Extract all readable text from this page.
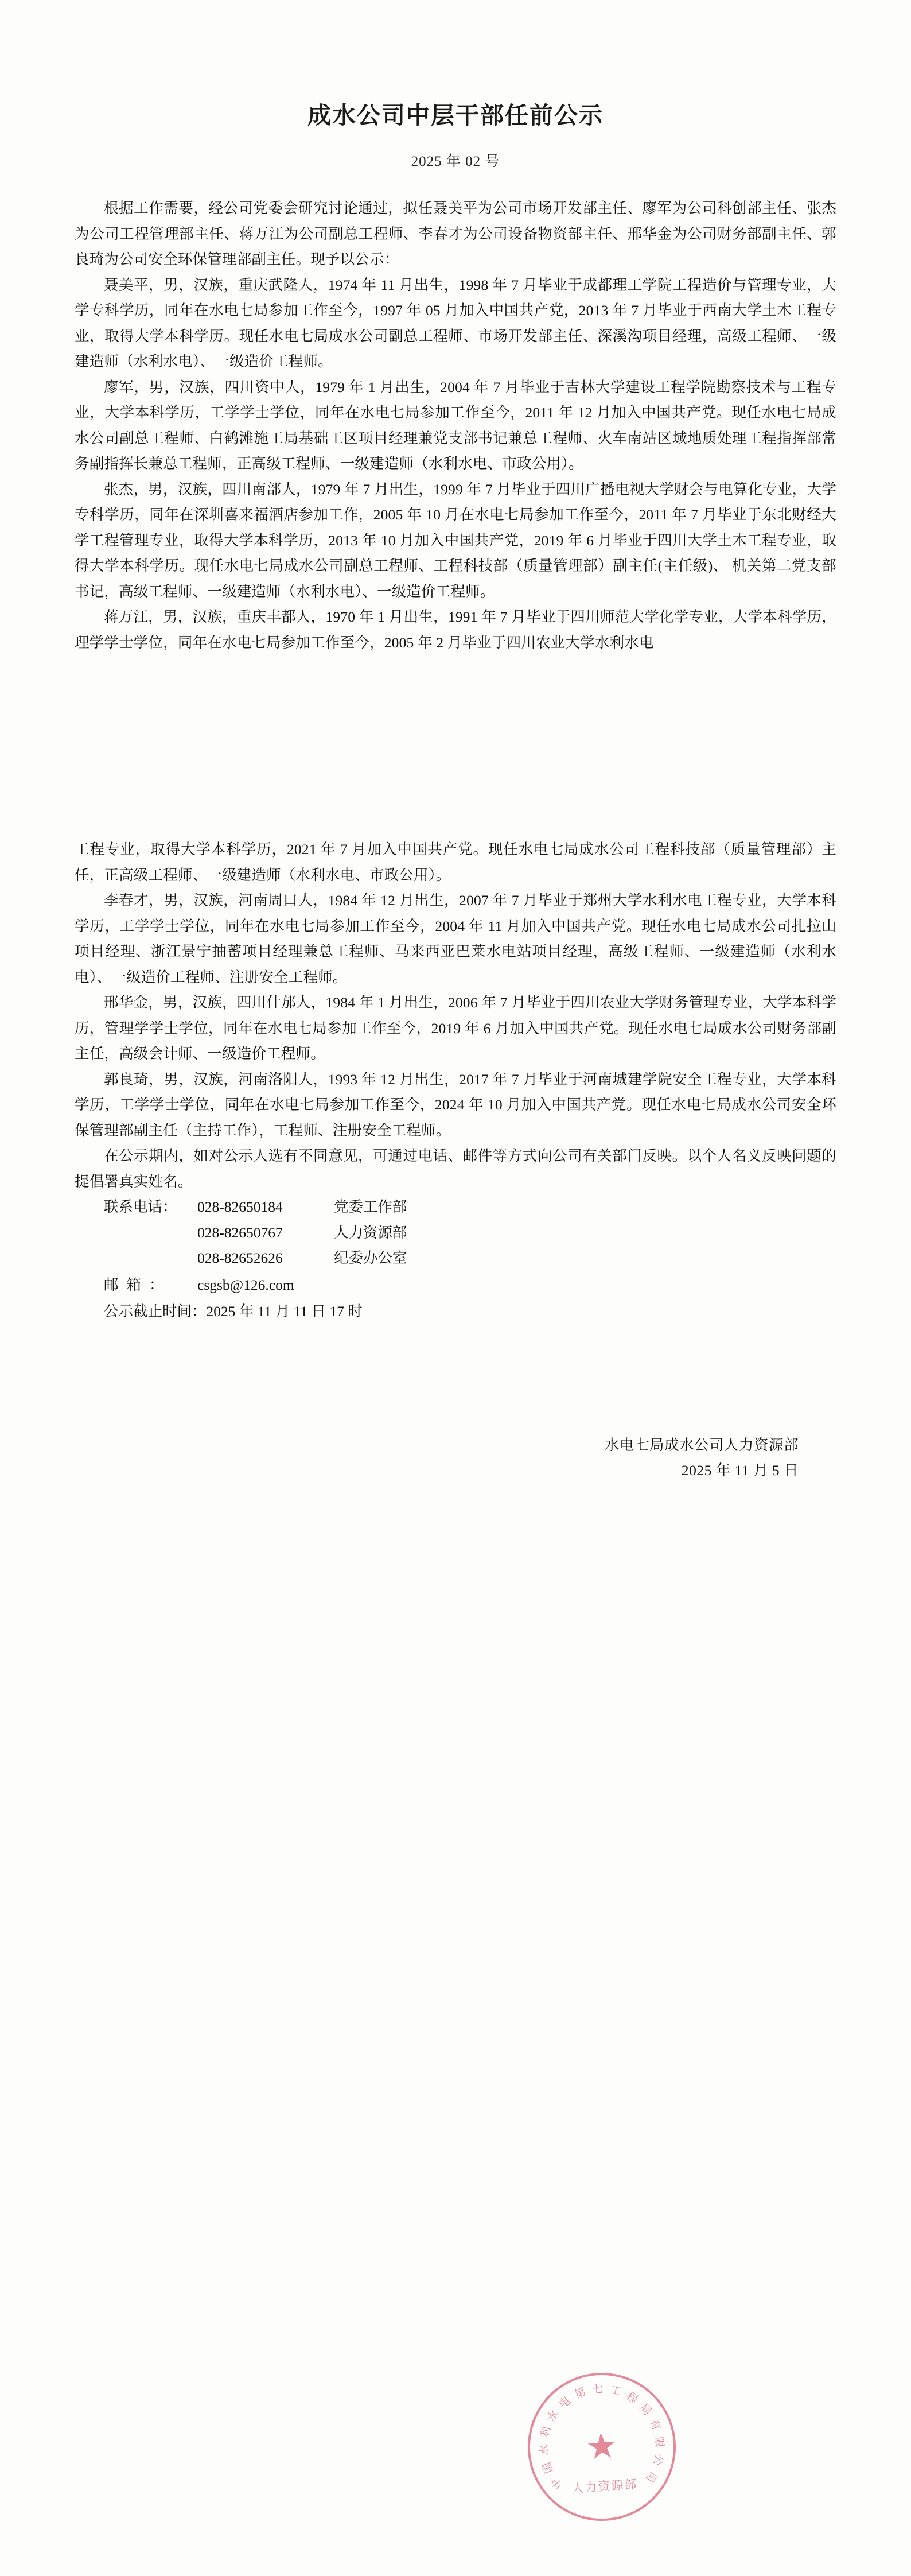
成水公司中层干部任前公示
2025 年 02 号

根据工作需要，经公司党委会研究讨论通过，拟任聂美平为公司市场开发部主任、廖军为公司科创部主任、张杰为公司工程管理部主任、蒋万江为公司副总工程师、李春才为公司设备物资部主任、邢华金为公司财务部副主任、郭良琦为公司安全环保管理部副主任。现予以公示：

聂美平，男，汉族，重庆武隆人，1974 年 11 月出生，1998 年 7 月毕业于成都理工学院工程造价与管理专业，大学专科学历，同年在水电七局参加工作至今，1997 年 05 月加入中国共产党，2013 年 7 月毕业于西南大学土木工程专业，取得大学本科学历。现任水电七局成水公司副总工程师、市场开发部主任、深溪沟项目经理，高级工程师、一级建造师（水利水电）、一级造价工程师。

廖军，男，汉族，四川资中人，1979 年 1 月出生，2004 年 7 月毕业于吉林大学建设工程学院勘察技术与工程专业，大学本科学历，工学学士学位，同年在水电七局参加工作至今，2011 年 12 月加入中国共产党。现任水电七局成水公司副总工程师、白鹤滩施工局基础工区项目经理兼党支部书记兼总工程师、火车南站区域地质处理工程指挥部常务副指挥长兼总工程师，正高级工程师、一级建造师（水利水电、市政公用）。

张杰，男，汉族，四川南部人，1979 年 7 月出生，1999 年 7 月毕业于四川广播电视大学财会与电算化专业，大学专科学历，同年在深圳喜来福酒店参加工作，2005 年 10 月在水电七局参加工作至今，2011 年 7 月毕业于东北财经大学工程管理专业，取得大学本科学历，2013 年 10 月加入中国共产党，2019 年 6 月毕业于四川大学土木工程专业，取得大学本科学历。现任水电七局成水公司副总工程师、工程科技部（质量管理部）副主任(主任级)、 机关第二党支部书记，高级工程师、一级建造师（水利水电）、一级造价工程师。

蒋万江，男，汉族，重庆丰都人，1970 年 1 月出生，1991 年 7 月毕业于四川师范大学化学专业，大学本科学历，理学学士学位，同年在水电七局参加工作至今，2005 年 2 月毕业于四川农业大学水利水电

工程专业，取得大学本科学历，2021 年 7 月加入中国共产党。现任水电七局成水公司工程科技部（质量管理部）主任，正高级工程师、一级建造师（水利水电、市政公用）。

李春才，男，汉族，河南周口人，1984 年 12 月出生，2007 年 7 月毕业于郑州大学水利水电工程专业，大学本科学历，工学学士学位，同年在水电七局参加工作至今，2004 年 11 月加入中国共产党。现任水电七局成水公司扎拉山项目经理、浙江景宁抽蓄项目经理兼总工程师、马来西亚巴莱水电站项目经理，高级工程师、一级建造师（水利水电）、一级造价工程师、注册安全工程师。

邢华金，男，汉族，四川什邡人，1984 年 1 月出生，2006 年 7 月毕业于四川农业大学财务管理专业，大学本科学历，管理学学士学位，同年在水电七局参加工作至今，2019 年 6 月加入中国共产党。现任水电七局成水公司财务部副主任，高级会计师、一级造价工程师。

郭良琦，男，汉族，河南洛阳人，1993 年 12 月出生，2017 年 7 月毕业于河南城建学院安全工程专业，大学本科学历，工学学士学位，同年在水电七局参加工作至今，2024 年 10 月加入中国共产党。现任水电七局成水公司安全环保管理部副主任（主持工作），工程师、注册安全工程师。

在公示期内，如对公示人选有不同意见，可通过电话、邮件等方式向公司有关部门反映。以个人名义反映问题的提倡署真实姓名。

联系电话：	028-82650184	党委工作部
028-82650767	人力资源部
028-82652626	纪委办公室
邮箱：	csgsb@126.com
公示截止时间：2025 年 11 月 11 日 17 时
水电七局成水公司人力资源部
2025 年 11 月 5 日
★
中
国
水
利
水
电
第 七 工 程
局
有
限
公
司
人力资源部
